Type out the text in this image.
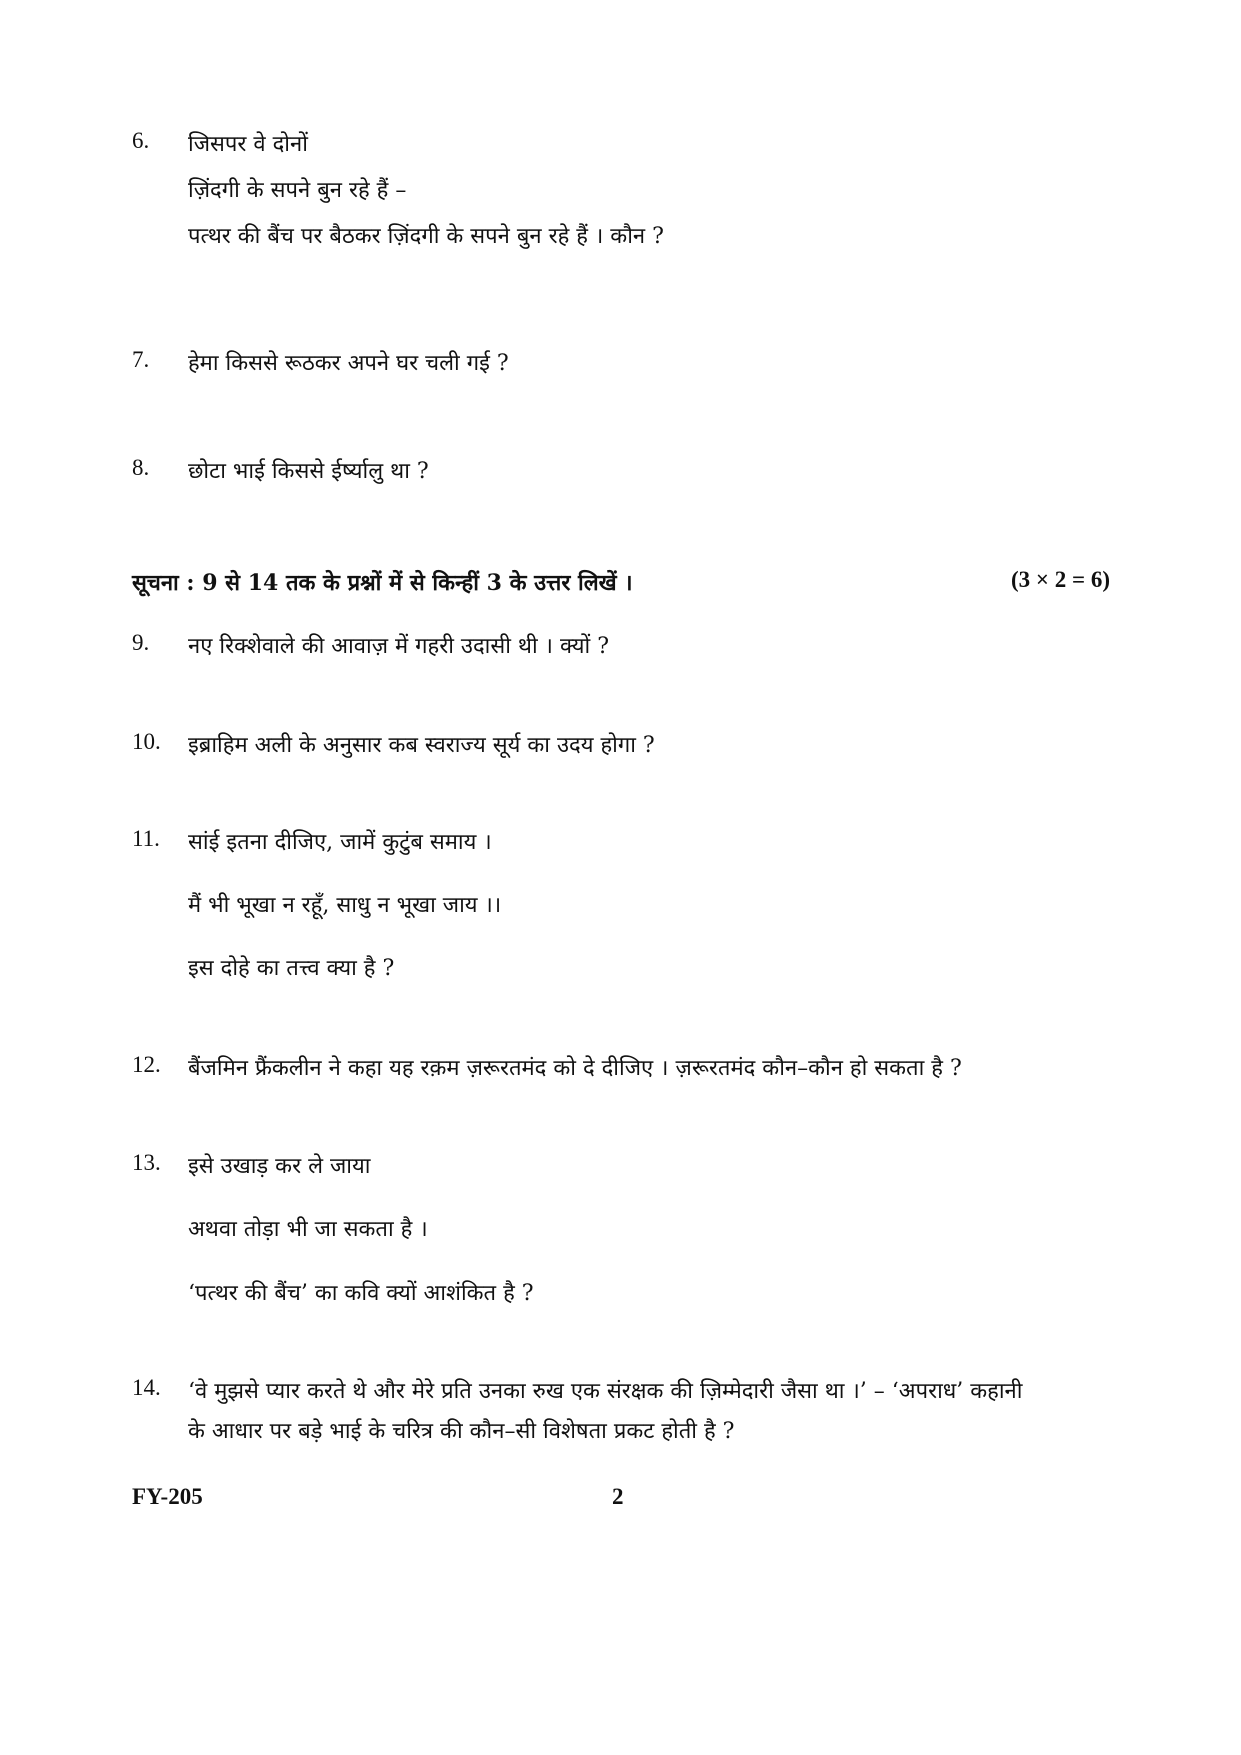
6.	जिसपर वे दोनों
ज़िंदगी के सपने बुन रहे हैं –
पत्थर की बैंच पर बैठकर ज़िंदगी के सपने बुन रहे हैं । कौन ?
7.	हेमा किससे रूठकर अपने घर चली गई ?
8.	छोटा भाई किससे ईर्ष्यालु था ?
सूचना : 9 से 14 तक के प्रश्नों में से किन्हीं 3 के उत्तर लिखें ।	(3 × 2 = 6)
9.	नए रिक्शेवाले की आवाज़ में गहरी उदासी थी । क्यों ?
10.	इब्राहिम अली के अनुसार कब स्वराज्य सूर्य का उदय होगा ?
11.	सांई इतना दीजिए, जामें कुटुंब समाय ।
मैं भी भूखा न रहूँ, साधु न भूखा जाय ।।
इस दोहे का तत्त्व क्या है ?
12.	बैंजमिन फ्रैंकलीन ने कहा यह रक़म ज़रूरतमंद को दे दीजिए । ज़रूरतमंद कौन–कौन हो सकता है ?
13.	इसे उखाड़ कर ले जाया
अथवा तोड़ा भी जा सकता है ।
‘पत्थर की बैंच’ का कवि क्यों आशंकित है ?
14.	‘वे मुझसे प्यार करते थे और मेरे प्रति उनका रुख एक संरक्षक की ज़िम्मेदारी जैसा था ।’ – ‘अपराध’ कहानी
के आधार पर बड़े भाई के चरित्र की कौन–सी विशेषता प्रकट होती है ?
FY-205	2
